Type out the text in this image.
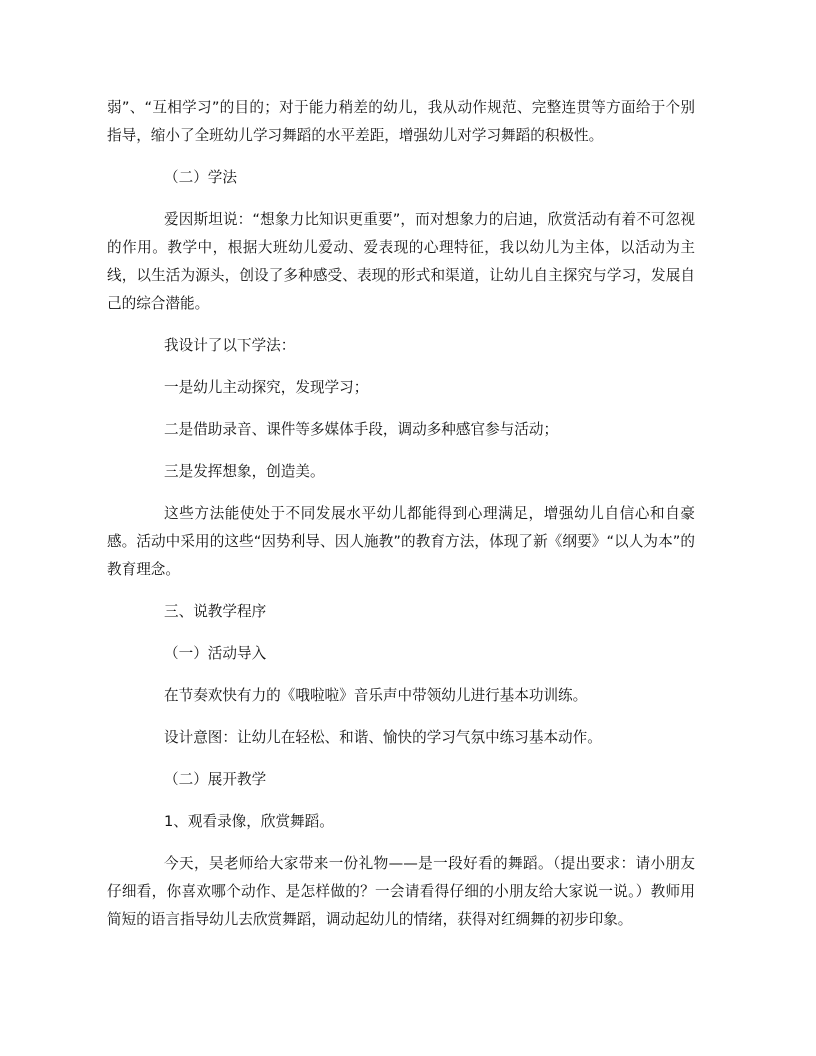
弱”、“互相学习”的目的；对于能力稍差的幼儿，我从动作规范、完整连贯等方面给于个别指导，缩小了全班幼儿学习舞蹈的水平差距，增强幼儿对学习舞蹈的积极性。

（二）学法

爱因斯坦说：“想象力比知识更重要”，而对想象力的启迪，欣赏活动有着不可忽视的作用。教学中，根据大班幼儿爱动、爱表现的心理特征，我以幼儿为主体，以活动为主线，以生活为源头，创设了多种感受、表现的形式和渠道，让幼儿自主探究与学习，发展自己的综合潜能。

我设计了以下学法：

一是幼儿主动探究，发现学习；

二是借助录音、课件等多媒体手段，调动多种感官参与活动；

三是发挥想象，创造美。

这些方法能使处于不同发展水平幼儿都能得到心理满足，增强幼儿自信心和自豪感。活动中采用的这些“因势利导、因人施教”的教育方法，体现了新《纲要》“以人为本”的教育理念。

三、说教学程序

（一）活动导入

在节奏欢快有力的《哦啦啦》音乐声中带领幼儿进行基本功训练。

设计意图：让幼儿在轻松、和谐、愉快的学习气氛中练习基本动作。

（二）展开教学

1、观看录像，欣赏舞蹈。

今天，吴老师给大家带来一份礼物——是一段好看的舞蹈。（提出要求：请小朋友仔细看，你喜欢哪个动作、是怎样做的？一会请看得仔细的小朋友给大家说一说。）教师用简短的语言指导幼儿去欣赏舞蹈，调动起幼儿的情绪，获得对红绸舞的初步印象。
